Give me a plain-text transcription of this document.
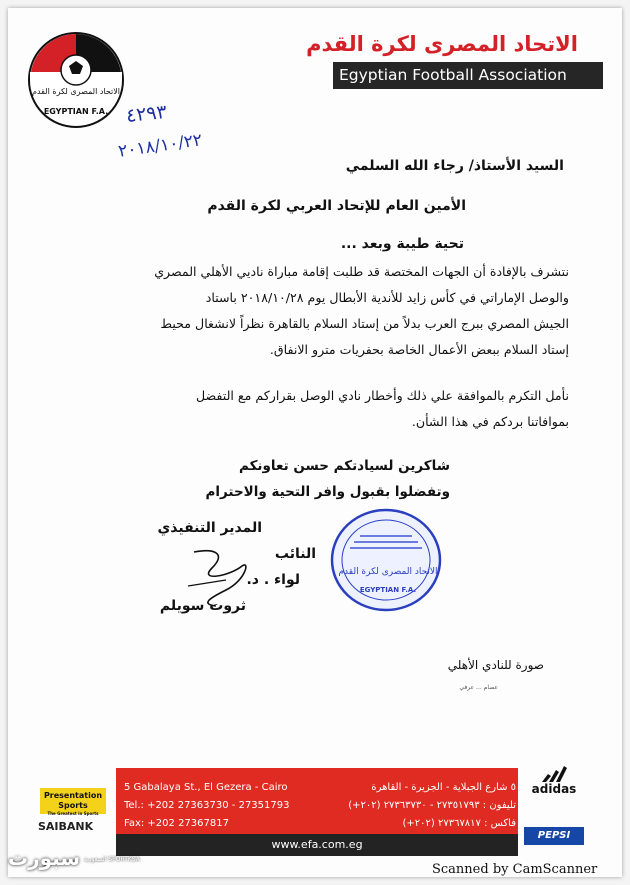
الاتحاد المصرى لكرة القدم
Egyptian Football Association
الاتحاد المصرى لكرة القدم
EGYPTIAN F.A. ٤٢٩٣
٢٠١٨/١٠/٢٢
السيد الأستاذ/ رجاء الله السلمي
الأمين العام للإتحاد العربي لكرة القدم
تحية طيبة وبعد ...
نتشرف بالإفادة أن الجهات المختصة قد طلبت إقامة مباراة ناديي الأهلي المصري
والوصل الإماراتي في كأس زايد للأندية الأبطال يوم ٢٠١٨/١٠/٢٨ باستاد
الجيش المصري ببرج العرب بدلاً من إستاد السلام بالقاهرة نظراً لانشغال محيط
إستاد السلام ببعض الأعمال الخاصة بحفريات مترو الانفاق.
نأمل التكرم بالموافقة علي ذلك وأخطار نادي الوصل بقراركم مع التفضل
بموافاتنا بردكم في هذا الشأن.
شاكرين لسيادتكم حسن تعاونكم
وتفضلوا بقبول وافر التحية والاحترام
المدير التنفيذي
النائب
لواء . د.
ثروت سويلم
الاتحاد المصرى لكرة القدم
EGYPTIAN F.A.
صورة للنادي الأهلي
عصام ... عرفي
5 Gabalaya St., El Gezera - Cairo
Tel.: +202 27363730 - 27351793
Fax: +202 27367817
٥ شارع الجبلاية - الجزيرة - القاهرة
تليفون : ٢٧٣٥١٧٩٣ - ٢٧٣٦٣٧٣٠ (٢٠٢+)
فاكس : ٢٧٣٦٧٨١٧ (٢٠٢+)
www.efa.com.eg
Presentation Sports
The Greatest in Sports
SAIBANK
adidas
PEPSI
سبورت السعودية SPORTKSA
Scanned by CamScanner
